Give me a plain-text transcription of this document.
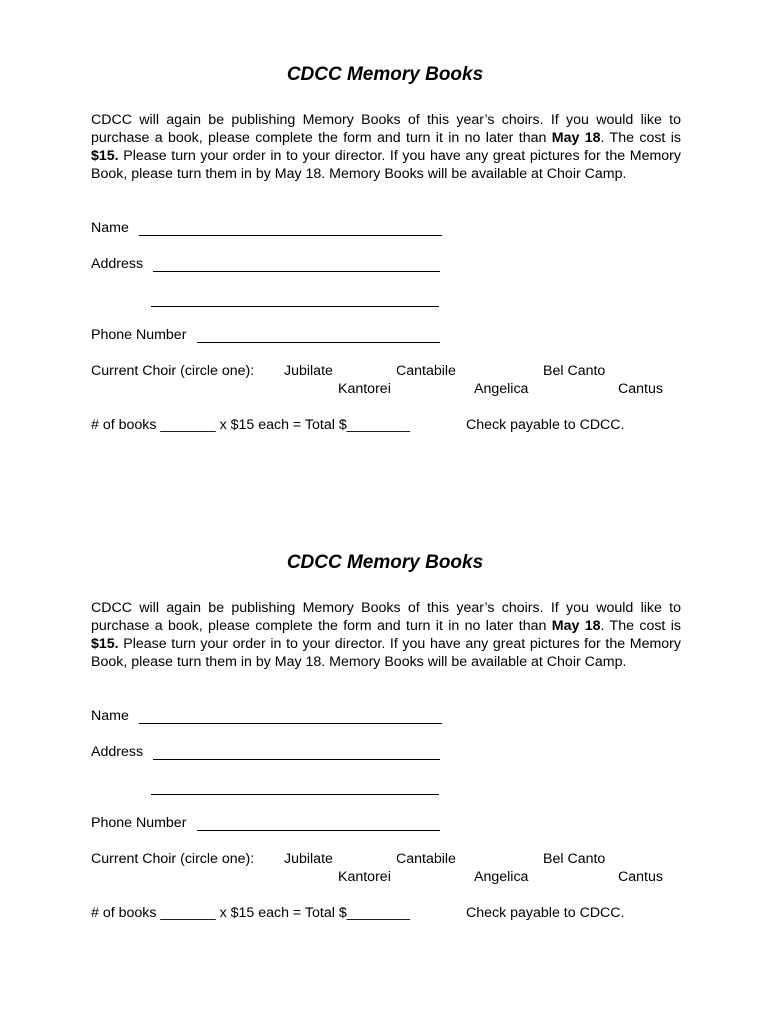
CDCC Memory Books

CDCC will again be publishing Memory Books of this year’s choirs. If you would like to purchase a book, please complete the form and turn it in no later than May 18. The cost is $15. Please turn your order in to your director. If you have any great pictures for the Memory Book, please turn them in by May 18. Memory Books will be available at Choir Camp.

Name
Address
Phone Number
Current Choir (circle one): Jubilate	Cantabile	Bel Canto
Kantorei	Angelica	Cantus
# of books _______ x $15 each = Total $________	Check payable to CDCC.
CDCC Memory Books

CDCC will again be publishing Memory Books of this year’s choirs. If you would like to purchase a book, please complete the form and turn it in no later than May 18. The cost is $15. Please turn your order in to your director. If you have any great pictures for the Memory Book, please turn them in by May 18. Memory Books will be available at Choir Camp.

Name
Address
Phone Number
Current Choir (circle one): Jubilate	Cantabile	Bel Canto
Kantorei	Angelica	Cantus
# of books _______ x $15 each = Total $________	Check payable to CDCC.
